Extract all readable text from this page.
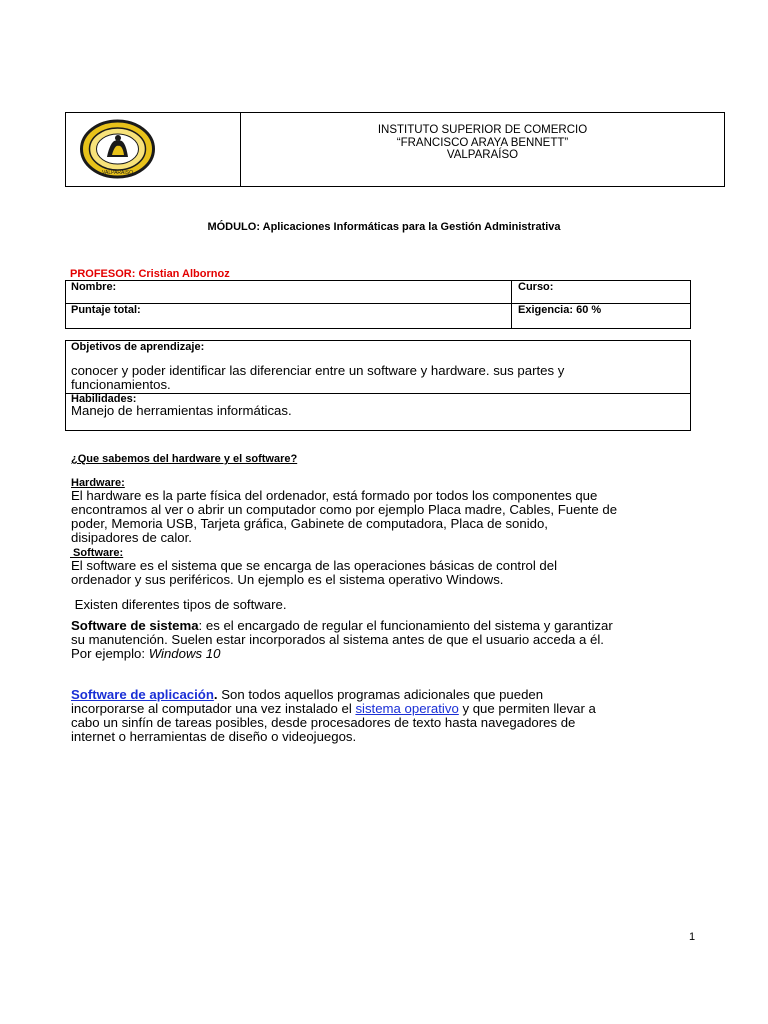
VALPARAÍSO
INSTITUTO SUPERIOR DE COMERCIO
“FRANCISCO ARAYA BENNETT”
VALPARAÍSO
MÓDULO: Aplicaciones Informáticas para la Gestión Administrativa
PROFESOR: Cristian Albornoz
Nombre:	Curso:
Puntaje total:	Exigencia: 60 %
Objetivos de aprendizaje:
conocer y poder identificar las diferenciar entre un software y hardware. sus partes y
funcionamientos.
Habilidades:
Manejo de herramientas informáticas.
¿Que sabemos del hardware y el software?
Hardware:
El hardware es la parte física del ordenador, está formado por todos los componentes que
encontramos al ver o abrir un computador como por ejemplo Placa madre, Cables, Fuente de
poder, Memoria USB, Tarjeta gráfica, Gabinete de computadora, Placa de sonido,
disipadores de calor.
Software:
El software es el sistema que se encarga de las operaciones básicas de control del
ordenador y sus periféricos. Un ejemplo es el sistema operativo Windows.
Existen diferentes tipos de software.
Software de sistema: es el encargado de regular el funcionamiento del sistema y garantizar
su manutención. Suelen estar incorporados al sistema antes de que el usuario acceda a él.
Por ejemplo: Windows 10
Software de aplicación. Son todos aquellos programas adicionales que pueden
incorporarse al computador una vez instalado el sistema operativo y que permiten llevar a
cabo un sinfín de tareas posibles, desde procesadores de texto hasta navegadores de
internet o herramientas de diseño o videojuegos.
1
